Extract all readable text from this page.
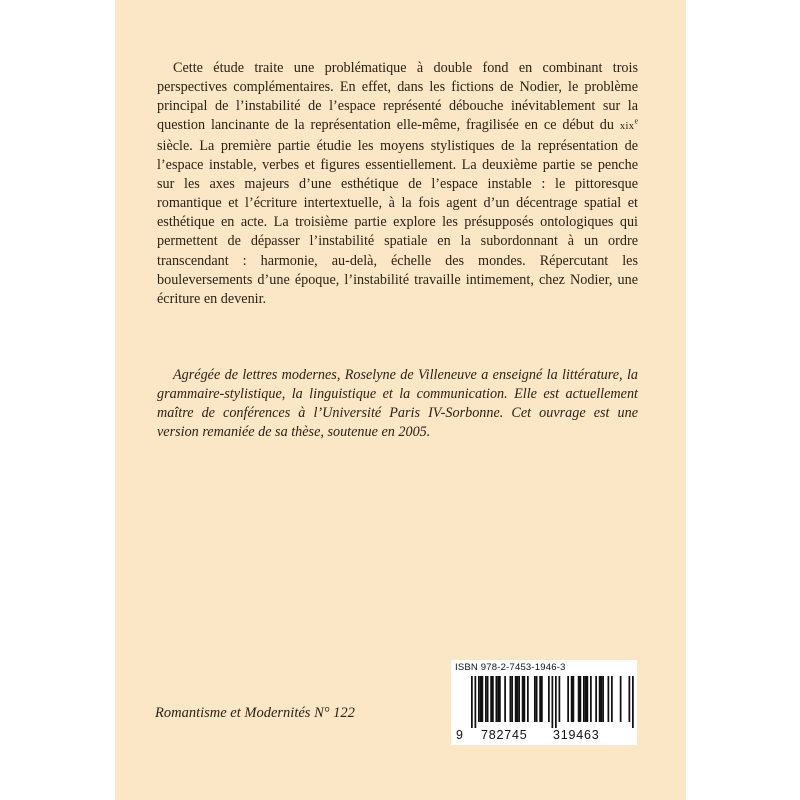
Cette étude traite une problématique à double fond en combinant trois perspectives complémentaires. En effet, dans les fictions de Nodier, le problème principal de l’instabilité de l’espace représenté débouche inévitablement sur la question lancinante de la représentation elle-même, fragilisée en ce début du xix$^e$ siècle. La première partie étudie les moyens stylistiques de la représentation de l’espace instable, verbes et figures essentiellement. La deuxième partie se penche sur les axes majeurs d’une esthétique de l’espace instable : le pittoresque romantique et l’écriture intertextuelle, à la fois agent d’un décentrage spatial et esthétique en acte. La troisième partie explore les présupposés ontologiques qui permettent de dépasser l’instabilité spatiale en la subordonnant à un ordre transcendant : harmonie, au-delà, échelle des mondes. Répercutant les bouleversements d’une époque, l’instabilité travaille intimement, chez Nodier, une écriture en devenir.

Agrégée de lettres modernes, Roselyne de Villeneuve a enseigné la littérature, la grammaire-stylistique, la linguistique et la communication. Elle est actuellement maître de conférences à l’Université Paris IV-Sorbonne. Cet ouvrage est une version remaniée de sa thèse, soutenue en 2005.

Romantisme et Modernités N° 122
ISBN 978-2-7453-1946-3
9 782745 319463
